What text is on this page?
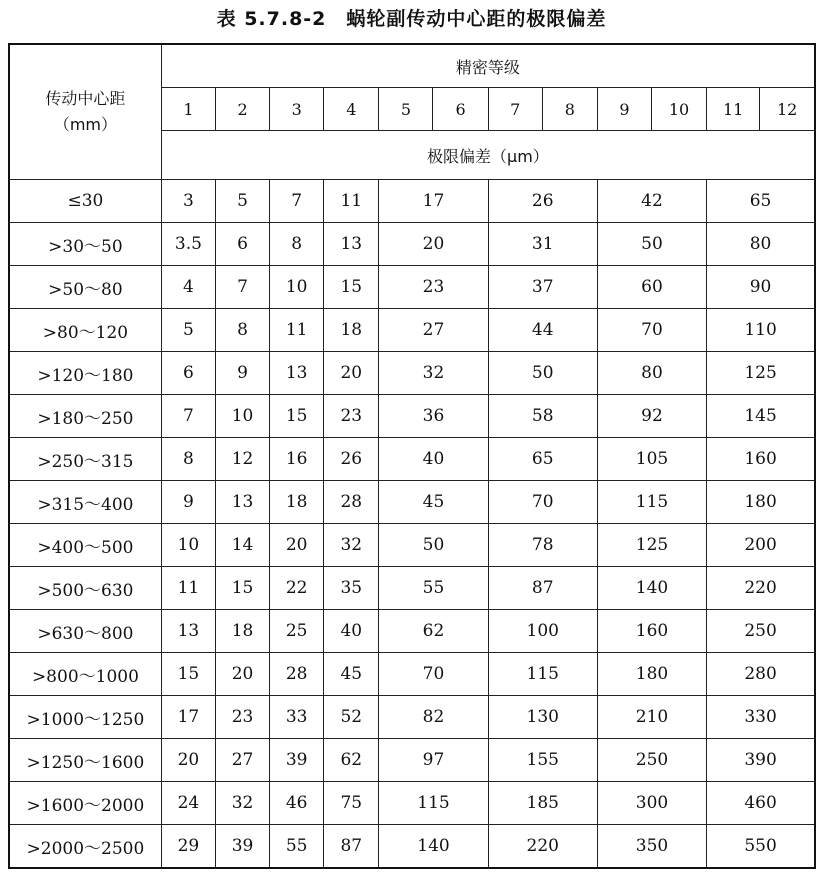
表 5.7.8-2　蜗轮副传动中心距的极限偏差
传动中心距
（mm）	精密等级											
	1	2	3	4	5	6	7	8	9	10	11	12
	极限偏差（μm）											
≤30	3	5	7	11	17		26		42		65	
>30～50	3.5	6	8	13	20		31		50		80	
>50～80	4	7	10	15	23		37		60		90	
>80～120	5	8	11	18	27		44		70		110	
>120～180	6	9	13	20	32		50		80		125	
>180～250	7	10	15	23	36		58		92		145	
>250～315	8	12	16	26	40		65		105		160	
>315～400	9	13	18	28	45		70		115		180	
>400～500	10	14	20	32	50		78		125		200	
>500～630	11	15	22	35	55		87		140		220	
>630～800	13	18	25	40	62		100		160		250	
>800～1000	15	20	28	45	70		115		180		280	
>1000～1250	17	23	33	52	82		130		210		330	
>1250～1600	20	27	39	62	97		155		250		390	
>1600～2000	24	32	46	75	115		185		300		460	
>2000～2500	29	39	55	87	140		220		350		550	
